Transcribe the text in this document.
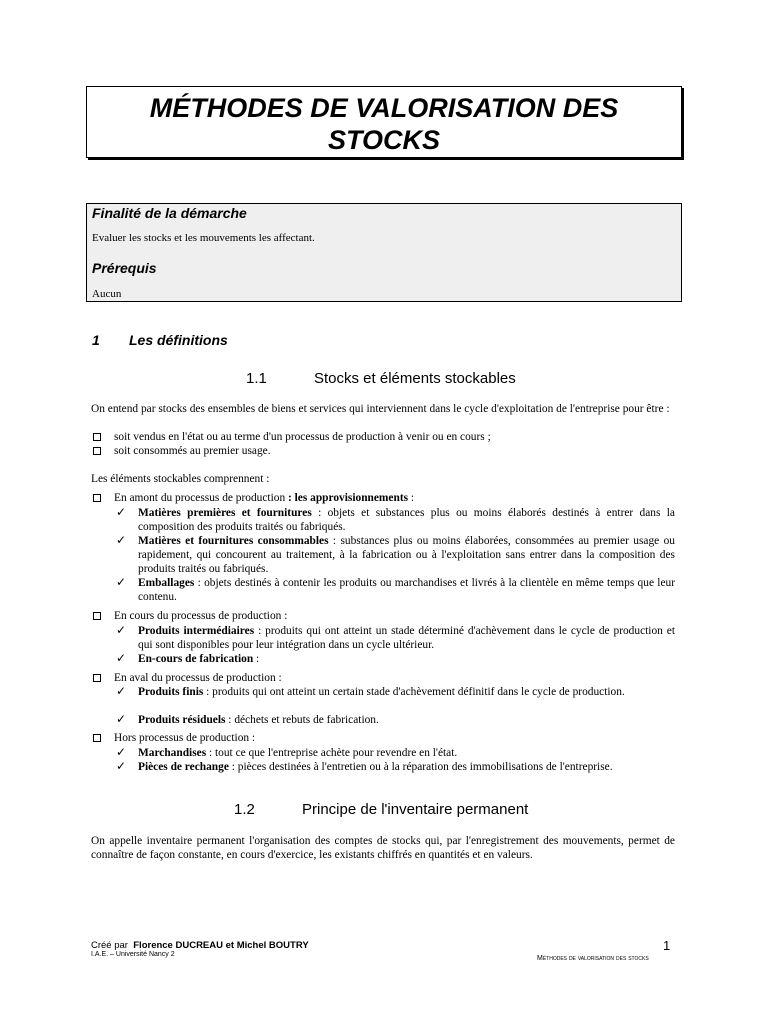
MÉTHODES DE VALORISATION DES
STOCKS
Finalité de la démarche
Evaluer les stocks et les mouvements les affectant.
Prérequis
Aucun
1 Les définitions
1.1	Stocks et éléments stockables
On entend par stocks des ensembles de biens et services qui interviennent dans le cycle d'exploitation de l'entreprise pour être :
soit vendus en l'état ou au terme d'un processus de production à venir ou en cours ;
soit consommés au premier usage.
Les éléments stockables comprennent :
En amont du processus de production : les approvisionnements :
✓ Matières premières et fournitures : objets et substances plus ou moins élaborés destinés à entrer dans la composition des produits traités ou fabriqués.
✓ Matières et fournitures consommables : substances plus ou moins élaborées, consommées au premier usage ou rapidement, qui concourent au traitement, à la fabrication ou à l'exploitation sans entrer dans la composition des produits traités ou fabriqués.
✓ Emballages : objets destinés à contenir les produits ou marchandises et livrés à la clientèle en même temps que leur contenu.
En cours du processus de production :
✓ Produits intermédiaires : produits qui ont atteint un stade déterminé d'achèvement dans le cycle de production et qui sont disponibles pour leur intégration dans un cycle ultérieur.
✓ En-cours de fabrication :
En aval du processus de production :
✓ Produits finis : produits qui ont atteint un certain stade d'achèvement définitif dans le cycle de production.
✓ Produits résiduels : déchets et rebuts de fabrication.
Hors processus de production :
✓ Marchandises : tout ce que l'entreprise achète pour revendre en l'état.
✓ Pièces de rechange : pièces destinées à l'entretien ou à la réparation des immobilisations de l'entreprise.
1.2	Principe de l'inventaire permanent
On appelle inventaire permanent l'organisation des comptes de stocks qui, par l'enregistrement des mouvements, permet de connaître de façon constante, en cours d'exercice, les existants chiffrés en quantités et en valeurs.
Créé par Florence DUCREAU et Michel BOUTRY
I.A.E. – Université Nancy 2
1
Méthodes de valorisation des stocks
